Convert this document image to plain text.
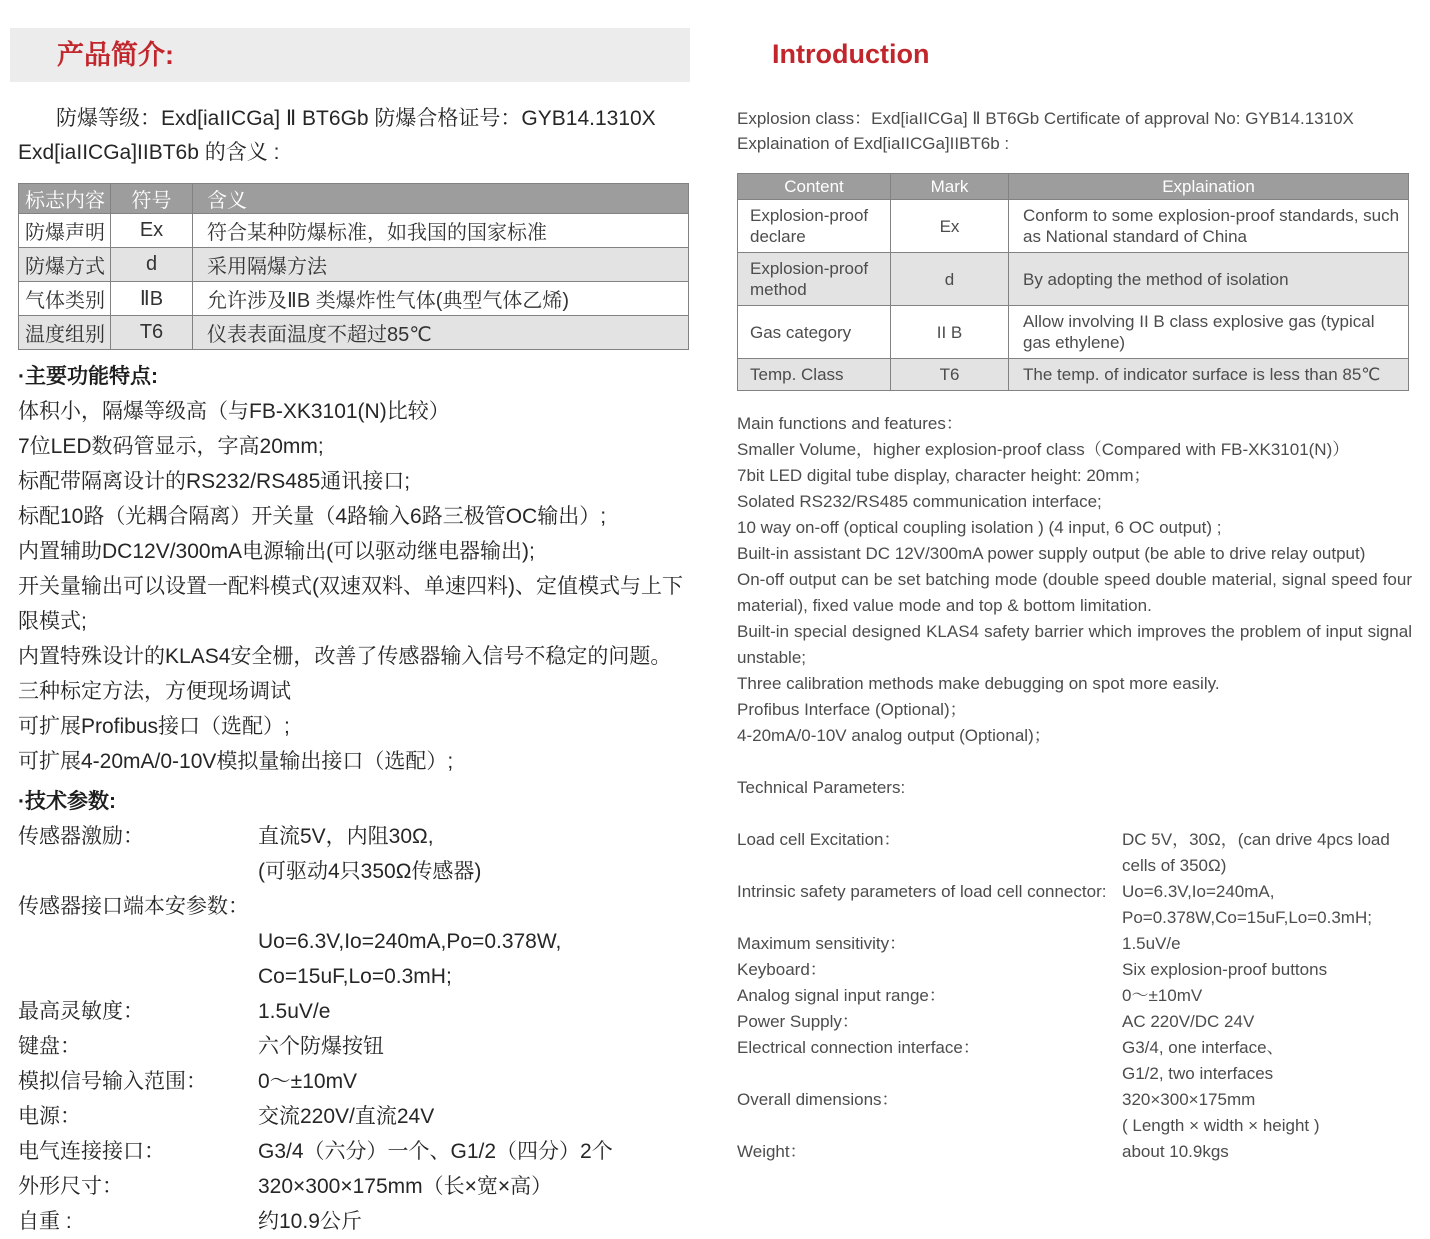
产品简介:
防爆等级：Exd[iaIICGa] Ⅱ BT6Gb 防爆合格证号：GYB14.1310X
Exd[iaIICGa]IIBT6b 的含义 :
标志内容	符号	含义
防爆声明	Ex	符合某种防爆标准，如我国的国家标准
防爆方式	d	采用隔爆方法
气体类别	ⅡB	允许涉及ⅡB 类爆炸性气体(典型气体乙烯)
温度组别	T6	仪表表面温度不超过85℃
·主要功能特点:
体积小，隔爆等级高（与FB-XK3101(N)比较）
7位LED数码管显示，字高20mm;
标配带隔离设计的RS232/RS485通讯接口;
标配10路（光耦合隔离）开关量（4路输入6路三极管OC输出）;
内置辅助DC12V/300mA电源输出(可以驱动继电器输出);
开关量输出可以设置一配料模式(双速双料、单速四料)、定值模式与上下限模式;
内置特殊设计的KLAS4安全栅，改善了传感器输入信号不稳定的问题。
三种标定方法，方便现场调试
可扩展Profibus接口（选配）;
可扩展4-20mA/0-10V模拟量输出接口（选配）;
·技术参数:
传感器激励：	直流5V，内阻30Ω,
(可驱动4只350Ω传感器)
传感器接口端本安参数：
Uo=6.3V,Io=240mA,Po=0.378W,
Co=15uF,Lo=0.3mH;
最高灵敏度：	1.5uV/e
键盘：	六个防爆按钮
模拟信号输入范围：	0～±10mV
电源：	交流220V/直流24V
电气连接接口：	G3/4（六分）一个、G1/2（四分）2个
外形尺寸：	320×300×175mm（长×宽×高）
自重 :	约10.9公斤
Introduction
Explosion class：Exd[iaIICGa] Ⅱ BT6Gb Certificate of approval No: GYB14.1310X
Explaination of Exd[iaIICGa]IIBT6b :
Content	Mark	Explaination
Explosion-proof declare	Ex	Conform to some explosion-proof standards, such as National standard of China
Explosion-proof method	d	By adopting the method of isolation
Gas category	II B	Allow involving II B class explosive gas (typical gas ethylene)
Temp. Class	T6	The temp. of indicator surface is less than 85℃
Main functions and features：
Smaller Volume，higher explosion-proof class（Compared with FB-XK3101(N)）
7bit LED digital tube display, character height: 20mm；
Solated RS232/RS485 communication interface;
10 way on-off (optical coupling isolation ) (4 input, 6 OC output) ;
Built-in assistant DC 12V/300mA power supply output (be able to drive relay output)
On-off output can be set batching mode (double speed double material, signal speed four material), fixed value mode and top & bottom limitation.
Built-in special designed KLAS4 safety barrier which improves the problem of input signal unstable;
Three calibration methods make debugging on spot more easily.
Profibus Interface (Optional)；
4-20mA/0-10V analog output (Optional)；
Technical Parameters:
Load cell Excitation：	DC 5V，30Ω，(can drive 4pcs load
cells of 350Ω)
Intrinsic safety parameters of load cell connector: Uo=6.3V,Io=240mA,
Po=0.378W,Co=15uF,Lo=0.3mH;
Maximum sensitivity：	1.5uV/e
Keyboard：	Six explosion-proof buttons
Analog signal input range：	0～±10mV
Power Supply：	AC 220V/DC 24V
Electrical connection interface：	G3/4, one interface、
G1/2, two interfaces
Overall dimensions：	320×300×175mm
( Length × width × height )
Weight：	about 10.9kgs
